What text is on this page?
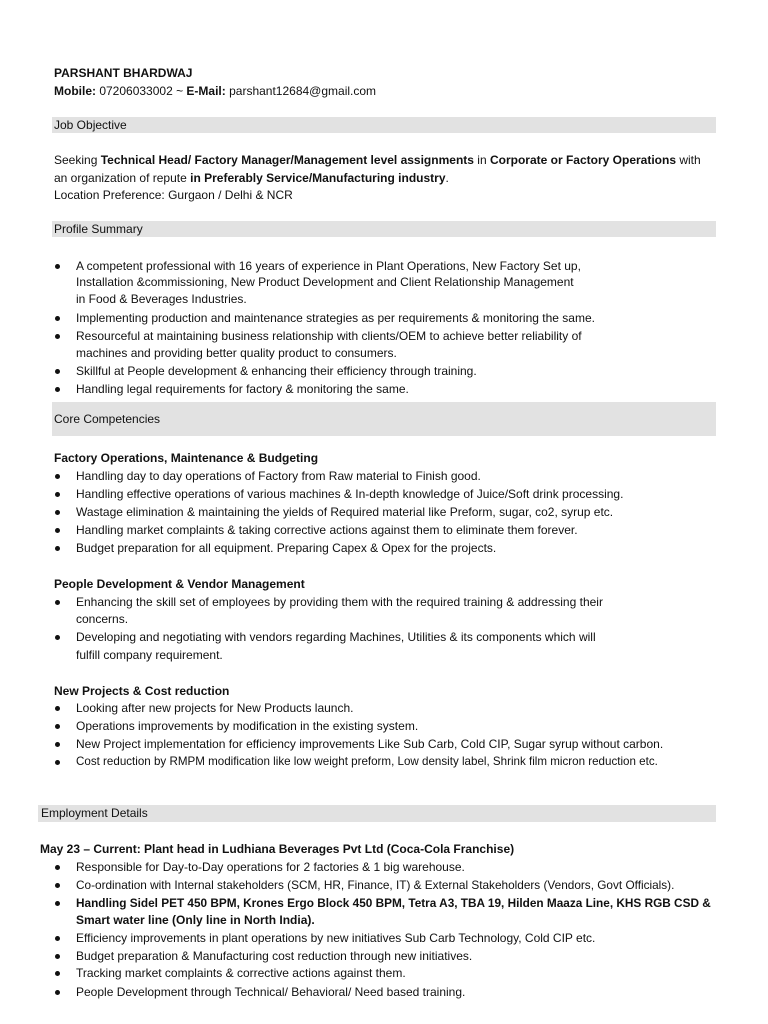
PARSHANT BHARDWAJ
Mobile: 07206033002 ~ E-Mail: parshant12684@gmail.com
Job Objective
Seeking Technical Head/ Factory Manager/Management level assignments in Corporate or Factory Operations with
an organization of repute in Preferably Service/Manufacturing industry.
Location Preference: Gurgaon / Delhi & NCR
Profile Summary
A competent professional with 16 years of experience in Plant Operations, New Factory Set up,
Installation &commissioning, New Product Development and Client Relationship Management
in Food & Beverages Industries.
Implementing production and maintenance strategies as per requirements & monitoring the same.
Resourceful at maintaining business relationship with clients/OEM to achieve better reliability of
machines and providing better quality product to consumers.
Skillful at People development & enhancing their efficiency through training.
Handling legal requirements for factory & monitoring the same.
Core Competencies
Factory Operations, Maintenance & Budgeting
Handling day to day operations of Factory from Raw material to Finish good.
Handling effective operations of various machines & In-depth knowledge of Juice/Soft drink processing.
Wastage elimination & maintaining the yields of Required material like Preform, sugar, co2, syrup etc.
Handling market complaints & taking corrective actions against them to eliminate them forever.
Budget preparation for all equipment. Preparing Capex & Opex for the projects.
People Development & Vendor Management
Enhancing the skill set of employees by providing them with the required training & addressing their
concerns.
Developing and negotiating with vendors regarding Machines, Utilities & its components which will
fulfill company requirement.
New Projects & Cost reduction
Looking after new projects for New Products launch.
Operations improvements by modification in the existing system.
New Project implementation for efficiency improvements Like Sub Carb, Cold CIP, Sugar syrup without carbon.
Cost reduction by RMPM modification like low weight preform, Low density label, Shrink film micron reduction etc.
Employment Details
May 23 – Current: Plant head in Ludhiana Beverages Pvt Ltd (Coca-Cola Franchise)
Responsible for Day-to-Day operations for 2 factories & 1 big warehouse.
Co-ordination with Internal stakeholders (SCM, HR, Finance, IT) & External Stakeholders (Vendors, Govt Officials).
Handling Sidel PET 450 BPM, Krones Ergo Block 450 BPM, Tetra A3, TBA 19, Hilden Maaza Line, KHS RGB CSD &
Smart water line (Only line in North India).
Efficiency improvements in plant operations by new initiatives Sub Carb Technology, Cold CIP etc.
Budget preparation & Manufacturing cost reduction through new initiatives.
Tracking market complaints & corrective actions against them.
People Development through Technical/ Behavioral/ Need based training.
